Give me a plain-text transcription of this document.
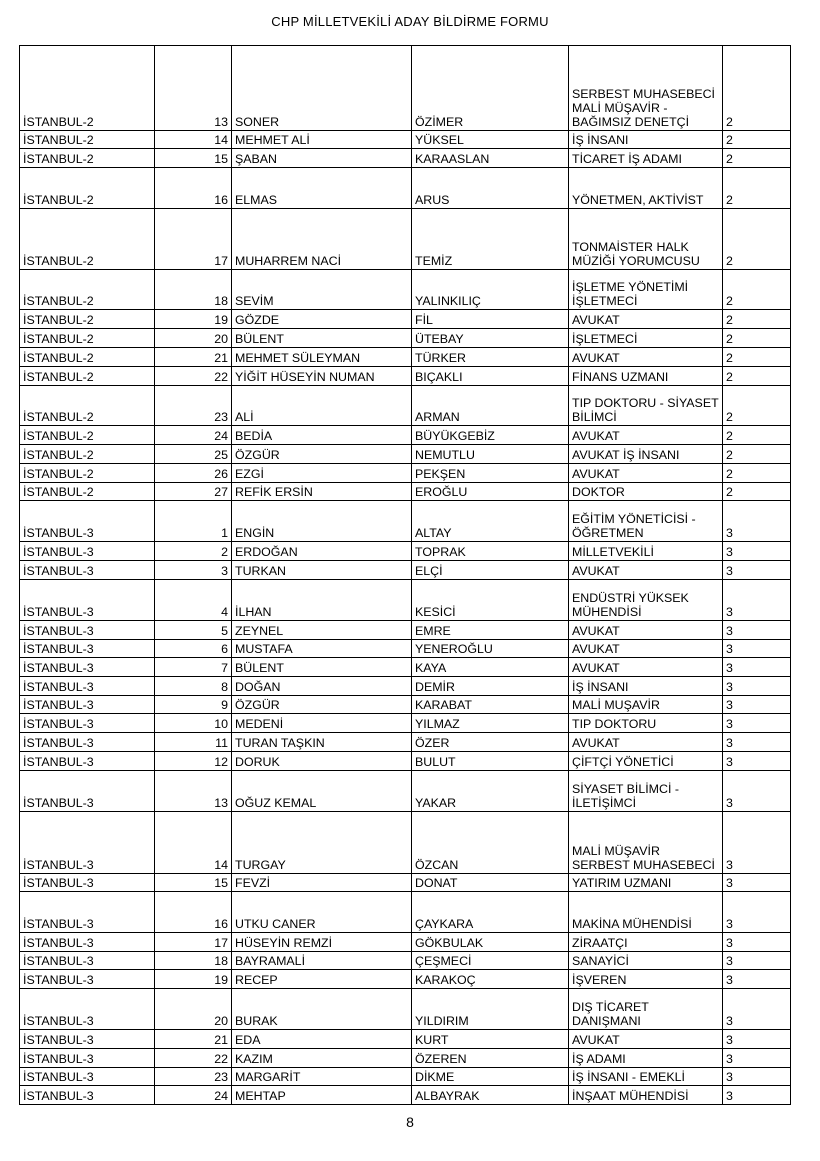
CHP MİLLETVEKİLİ ADAY BİLDİRME FORMU
İSTANBUL-2	13	SONER	ÖZİMER	SERBEST MUHASEBECİ
MALİ MÜŞAVİR -
BAĞIMSIZ DENETÇİ	2
İSTANBUL-2	14	MEHMET ALİ	YÜKSEL	İŞ İNSANI	2
İSTANBUL-2	15	ŞABAN	KARAASLAN	TİCARET İŞ ADAMI	2
İSTANBUL-2	16	ELMAS	ARUS	YÖNETMEN, AKTİVİST	2
İSTANBUL-2	17	MUHARREM NACİ	TEMİZ	TONMAİSTER HALK
MÜZİĞİ YORUMCUSU	2
İSTANBUL-2	18	SEVİM	YALINKILIÇ	İŞLETME YÖNETİMİ
İŞLETMECİ	2
İSTANBUL-2	19	GÖZDE	FİL	AVUKAT	2
İSTANBUL-2	20	BÜLENT	ÜTEBAY	İŞLETMECİ	2
İSTANBUL-2	21	MEHMET SÜLEYMAN	TÜRKER	AVUKAT	2
İSTANBUL-2	22	YİĞİT HÜSEYİN NUMAN	BIÇAKLI	FİNANS UZMANI	2
İSTANBUL-2	23	ALİ	ARMAN	TIP DOKTORU - SİYASET
BİLİMCİ	2
İSTANBUL-2	24	BEDİA	BÜYÜKGEBİZ	AVUKAT	2
İSTANBUL-2	25	ÖZGÜR	NEMUTLU	AVUKAT İŞ İNSANI	2
İSTANBUL-2	26	EZGİ	PEKŞEN	AVUKAT	2
İSTANBUL-2	27	REFİK ERSİN	EROĞLU	DOKTOR	2
İSTANBUL-3	1	ENGİN	ALTAY	EĞİTİM YÖNETİCİSİ -
ÖĞRETMEN	3
İSTANBUL-3	2	ERDOĞAN	TOPRAK	MİLLETVEKİLİ	3
İSTANBUL-3	3	TURKAN	ELÇİ	AVUKAT	3
İSTANBUL-3	4	İLHAN	KESİCİ	ENDÜSTRİ YÜKSEK
MÜHENDİSİ	3
İSTANBUL-3	5	ZEYNEL	EMRE	AVUKAT	3
İSTANBUL-3	6	MUSTAFA	YENEROĞLU	AVUKAT	3
İSTANBUL-3	7	BÜLENT	KAYA	AVUKAT	3
İSTANBUL-3	8	DOĞAN	DEMİR	İŞ İNSANI	3
İSTANBUL-3	9	ÖZGÜR	KARABAT	MALİ MUŞAVİR	3
İSTANBUL-3	10	MEDENİ	YILMAZ	TIP DOKTORU	3
İSTANBUL-3	11	TURAN TAŞKIN	ÖZER	AVUKAT	3
İSTANBUL-3	12	DORUK	BULUT	ÇİFTÇİ YÖNETİCİ	3
İSTANBUL-3	13	OĞUZ KEMAL	YAKAR	SİYASET BİLİMCİ -
İLETİŞİMCİ	3
İSTANBUL-3	14	TURGAY	ÖZCAN	MALİ MÜŞAVİR
SERBEST MUHASEBECİ	3
İSTANBUL-3	15	FEVZİ	DONAT	YATIRIM UZMANI	3
İSTANBUL-3	16	UTKU CANER	ÇAYKARA	MAKİNA MÜHENDİSİ	3
İSTANBUL-3	17	HÜSEYİN REMZİ	GÖKBULAK	ZİRAATÇI	3
İSTANBUL-3	18	BAYRAMALİ	ÇEŞMECİ	SANAYİCİ	3
İSTANBUL-3	19	RECEP	KARAKOÇ	İŞVEREN	3
İSTANBUL-3	20	BURAK	YILDIRIM	DIŞ TİCARET
DANIŞMANI	3
İSTANBUL-3	21	EDA	KURT	AVUKAT	3
İSTANBUL-3	22	KAZIM	ÖZEREN	İŞ ADAMI	3
İSTANBUL-3	23	MARGARİT	DİKME	İŞ İNSANI - EMEKLİ	3
İSTANBUL-3	24	MEHTAP	ALBAYRAK	İNŞAAT MÜHENDİSİ	3
8
